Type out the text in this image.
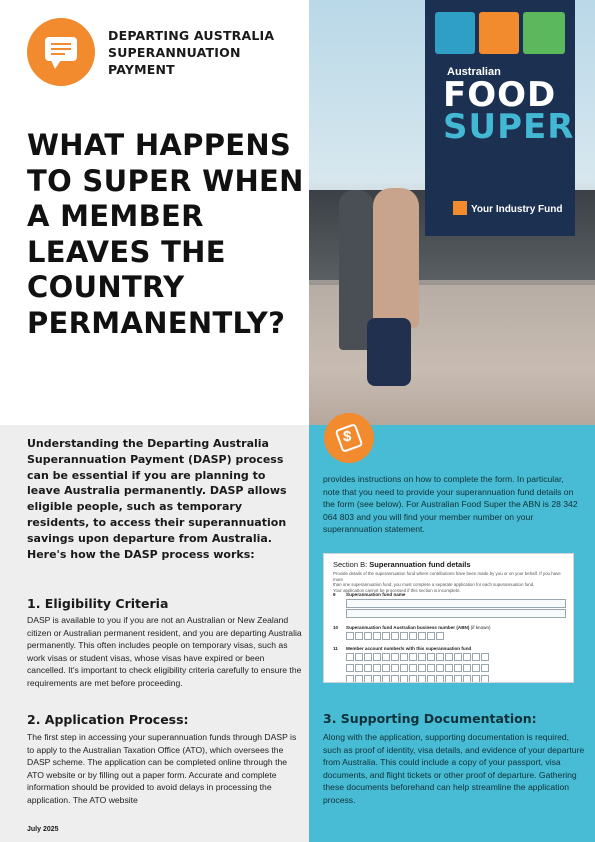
DEPARTING AUSTRALIA
SUPERANNUATION
PAYMENT
WHAT HAPPENS TO SUPER WHEN A MEMBER LEAVES THE COUNTRY PERMANENTLY?
Australian
FOOD
SUPER
Your Industry Fund

Understanding the Departing Australia Superannuation Payment (DASP) process can be essential if you are planning to leave Australia permanently. DASP allows eligible people, such as temporary residents, to access their superannuation savings upon departure from Australia. Here's how the DASP process works:

1. Eligibility Criteria

DASP is available to you if you are not an Australian or New Zealand citizen or Australian permanent resident, and you are departing Australia permanently. This often includes people on temporary visas, such as work visas or student visas, whose visas have expired or been cancelled. It's important to check eligibility criteria carefully to ensure the requirements are met before proceeding.

2. Application Process:

The first step in accessing your superannuation funds through DASP is to apply to the Australian Taxation Office (ATO), which oversees the DASP scheme. The application can be completed online through the ATO website or by filling out a paper form. Accurate and complete information should be provided to avoid delays in processing the application. The ATO website

July 2025
$

provides instructions on how to complete the form. In particular, note that you need to provide your superannuation fund details on the form (see below). For Australian Food Super the ABN is 28 342 064 803 and you will find your member number on your superannuation statement.

Section B: Superannuation fund details
Provide details of the superannuation fund where contributions have been made by you or on your behalf. If you have more
than one superannuation fund, you must complete a separate application for each superannuation fund.
Your application cannot be processed if this section is incomplete.
9 Superannuation fund name
10 Superannuation fund Australian business number (ABN) (if known)
11 Member account number/s with this superannuation fund
3. Supporting Documentation:

Along with the application, supporting documentation is required, such as proof of identity, visa details, and evidence of your departure from Australia. This could include a copy of your passport, visa documents, and flight tickets or other proof of departure. Gathering these documents beforehand can help streamline the application process.
